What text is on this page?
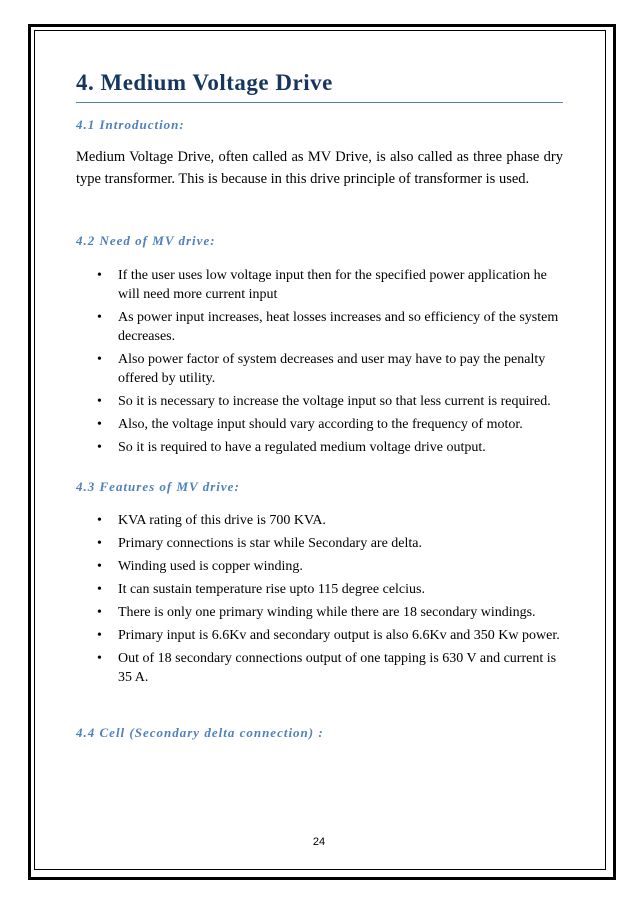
4. Medium Voltage Drive

4.1 Introduction:

Medium Voltage Drive, often called as MV Drive, is also called as three phase dry type transformer. This is because in this drive principle of transformer is used.

4.2 Need of MV drive:

• If the user uses low voltage input then for the specified power application he will need more current input
• As power input increases, heat losses increases and so efficiency of the system decreases.
• Also power factor of system decreases and user may have to pay the penalty offered by utility.
• So it is necessary to increase the voltage input so that less current is required.
• Also, the voltage input should vary according to the frequency of motor.
• So it is required to have a regulated medium voltage drive output.

4.3 Features of MV drive:

• KVA rating of this drive is 700 KVA.
• Primary connections is star while Secondary are delta.
• Winding used is copper winding.
• It can sustain temperature rise upto 115 degree celcius.
• There is only one primary winding while there are 18 secondary windings.
• Primary input is 6.6Kv and secondary output is also 6.6Kv and 350 Kw power.
• Out of 18 secondary connections output of one tapping is 630 V and current is 35 A.

4.4 Cell (Secondary delta connection) :

24
